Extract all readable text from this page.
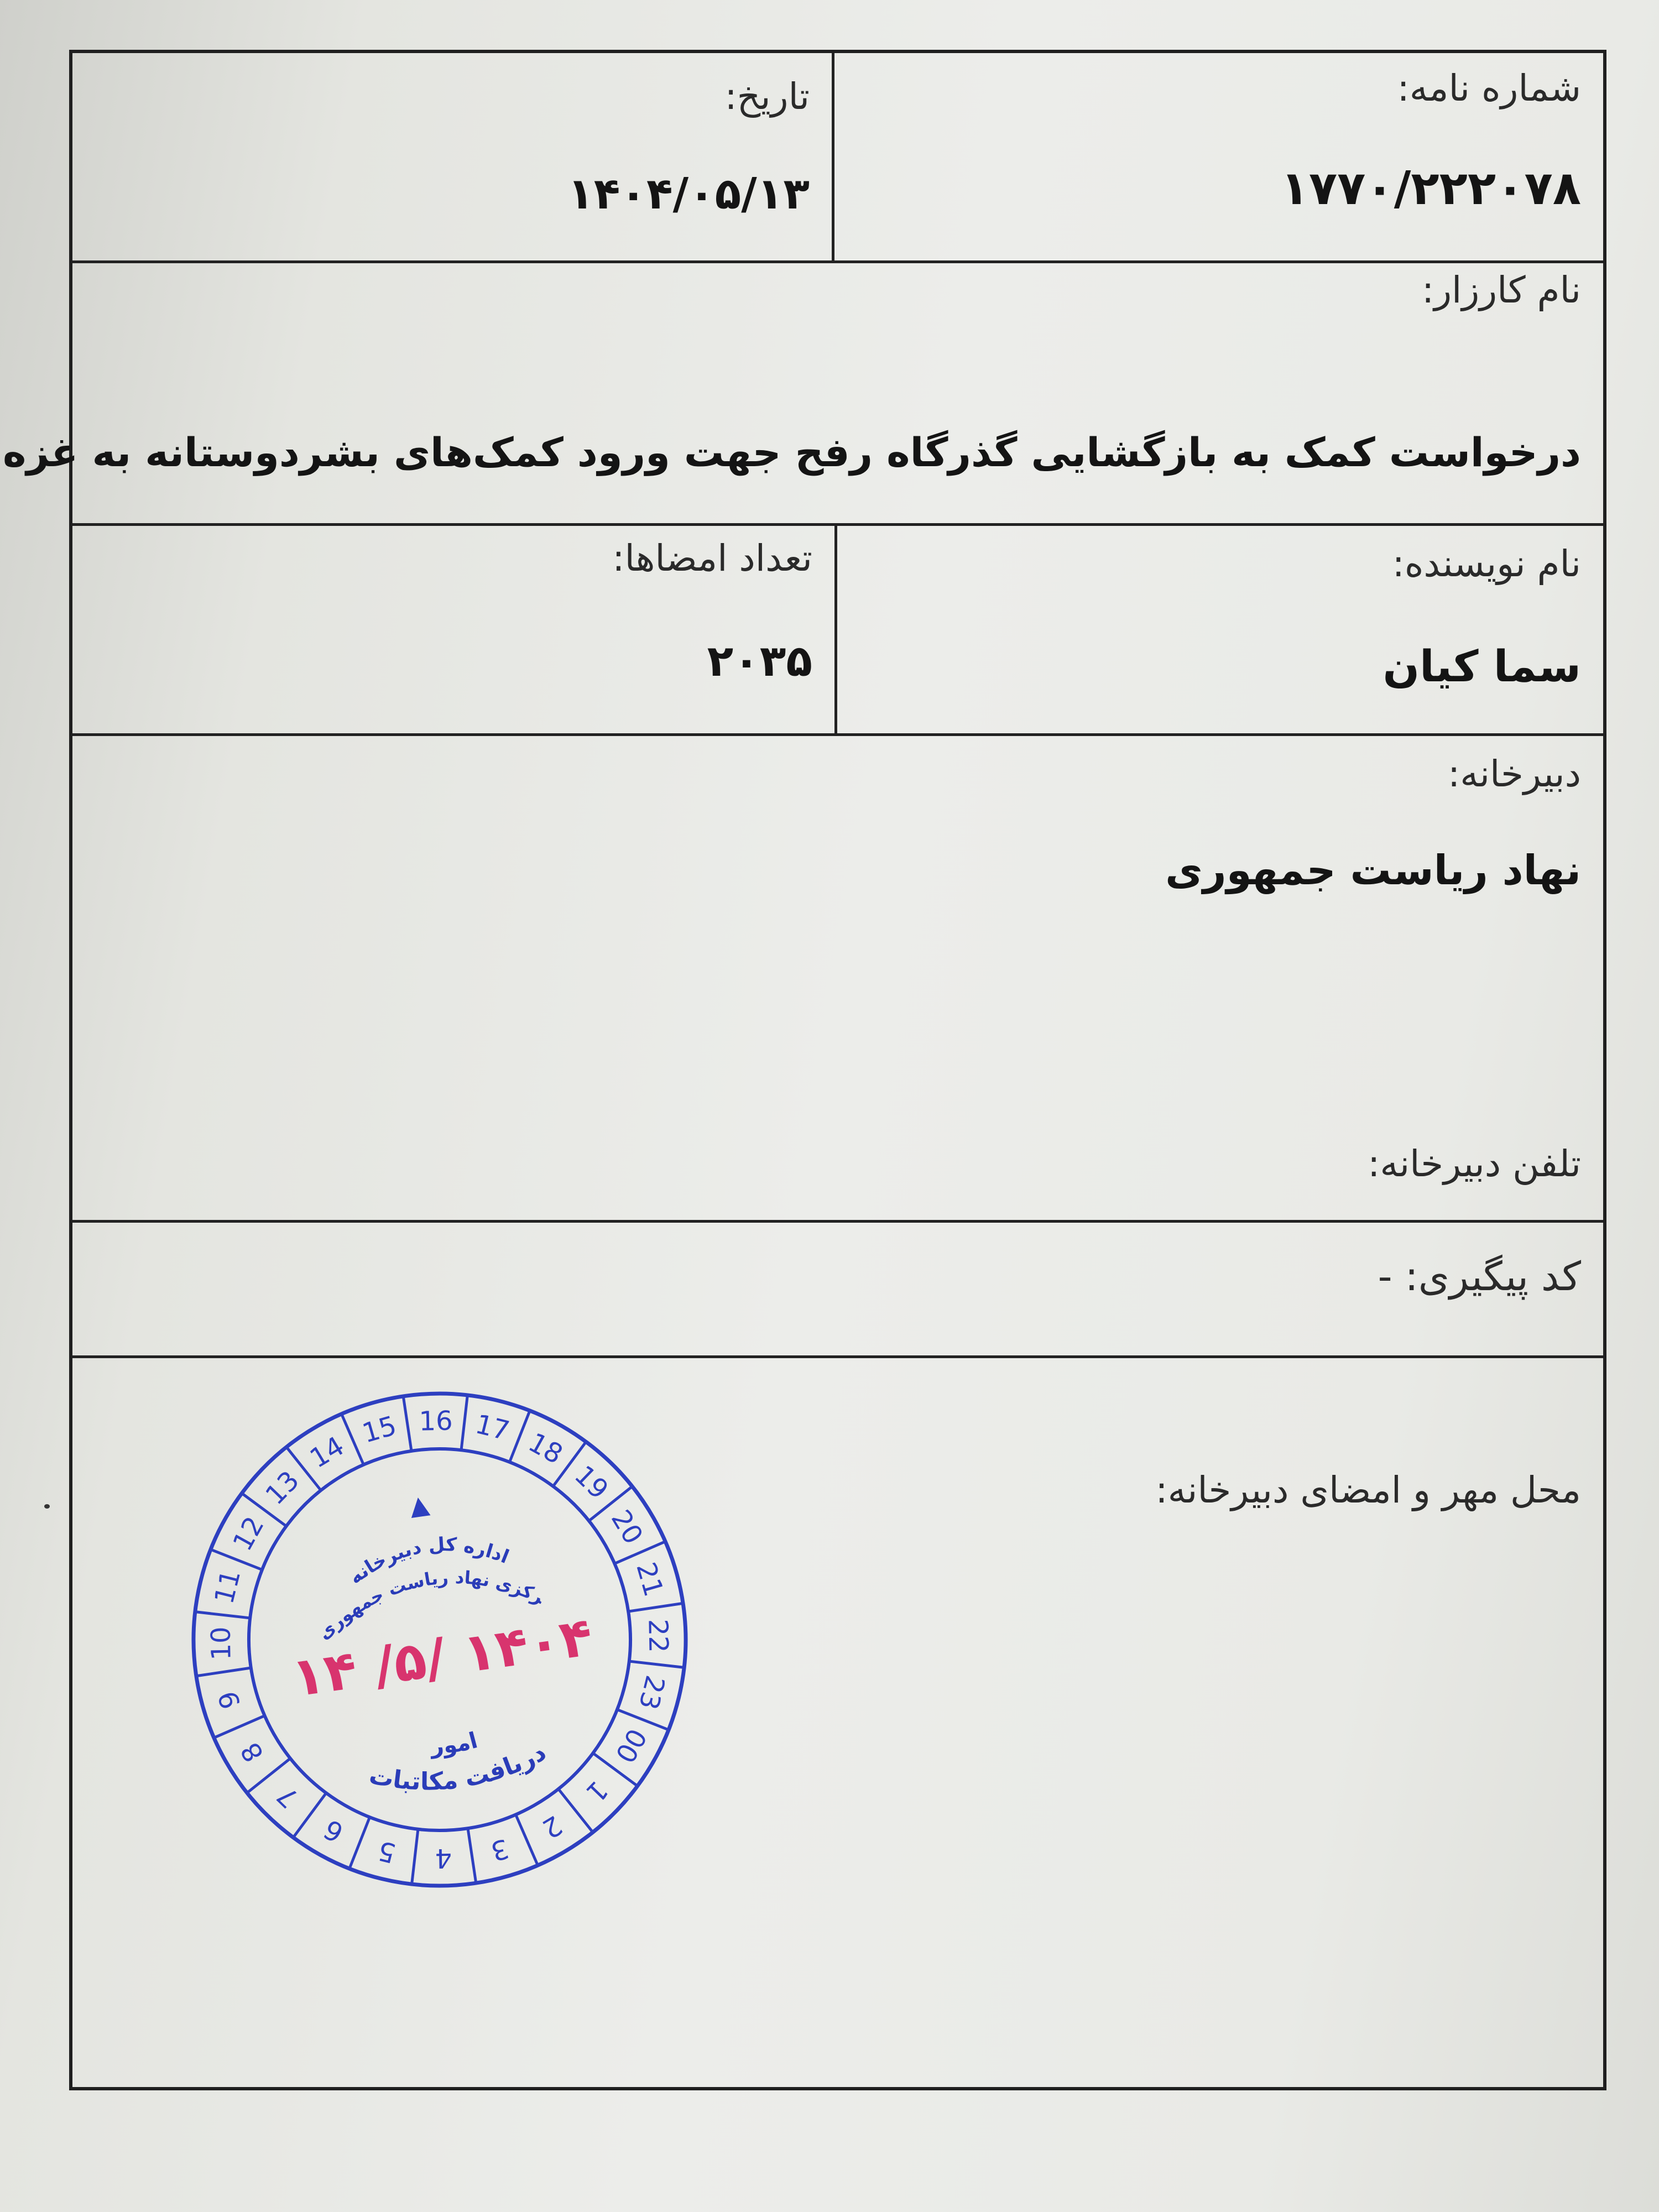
شماره نامه:
۱۷۷۰/۲۲۲۰۷۸
تاریخ:
۱۴۰۴/۰۵/۱۳
نام کارزار:
درخواست کمک به بازگشایی گذرگاه رفح جهت ورود کمک‌های بشردوستانه به غزه
نام نویسنده:
سما کیان
تعداد امضاها:
۲۰۳۵
دبیرخانه:
نهاد ریاست جمهوری
تلفن دبیرخانه:
کد پیگیری: -
محل مهر و امضای دبیرخانه:
15 16 17 18
19
20
21
22
23
00
1
2
3
4
5
6
7
8
9
10
11
12
13
14
اداره کل دبیرخانه
مرکزی نهاد ریاست جمهوری
۱۴۰۴ /۵/ ۱۴
امور
دریافت مکاتبات
